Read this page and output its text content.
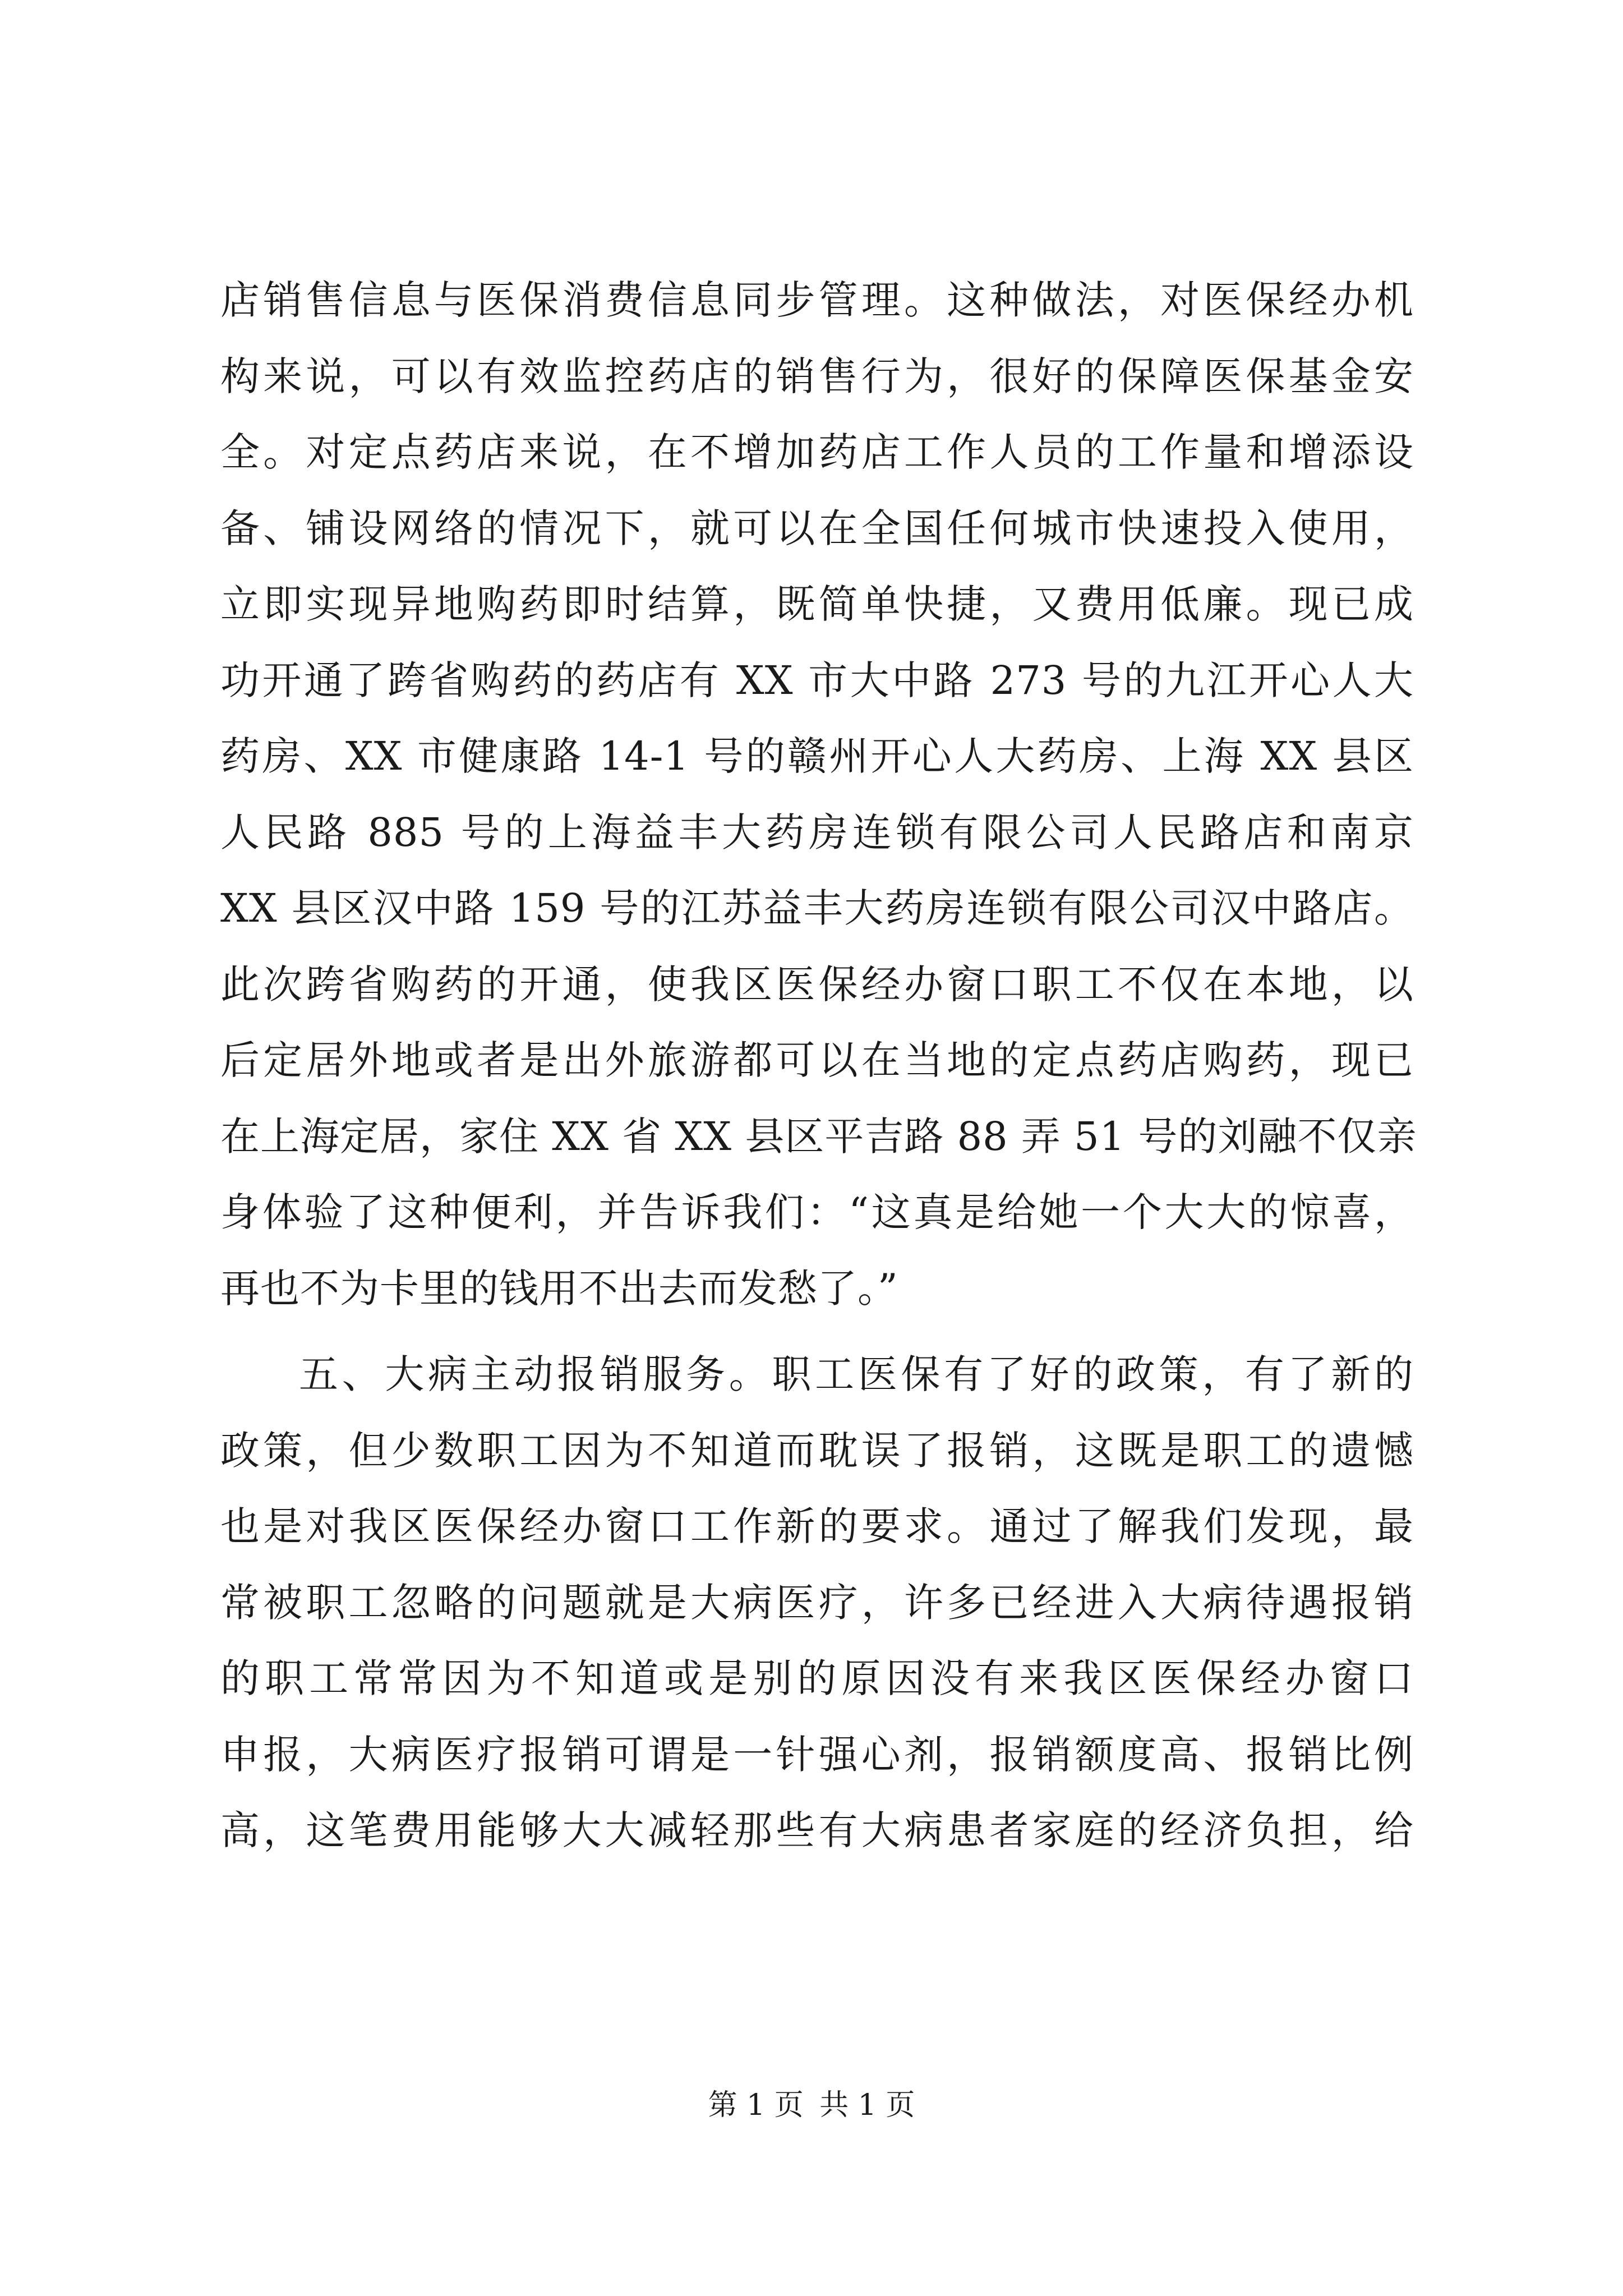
店销售信息与医保消费信息同步管理。这种做法，对医保经办机
构来说，可以有效监控药店的销售行为，很好的保障医保基金安
全。对定点药店来说，在不增加药店工作人员的工作量和增添设
备、铺设网络的情况下，就可以在全国任何城市快速投入使用，
立即实现异地购药即时结算，既简单快捷，又费用低廉。现已成
功开通了跨省购药的药店有 XX 市大中路 273 号的九江开心人大
药房、XX 市健康路 14-1 号的赣州开心人大药房、上海 XX 县区
人民路 885 号的上海益丰大药房连锁有限公司人民路店和南京
XX 县区汉中路 159 号的江苏益丰大药房连锁有限公司汉中路店。
此次跨省购药的开通，使我区医保经办窗口职工不仅在本地，以
后定居外地或者是出外旅游都可以在当地的定点药店购药，现已
在上海定居，家住 XX 省 XX 县区平吉路 88 弄 51 号的刘融不仅亲
身体验了这种便利，并告诉我们：“这真是给她一个大大的惊喜，
再也不为卡里的钱用不出去而发愁了。”
五、大病主动报销服务。职工医保有了好的政策，有了新的
政策，但少数职工因为不知道而耽误了报销，这既是职工的遗憾
也是对我区医保经办窗口工作新的要求。通过了解我们发现，最
常被职工忽略的问题就是大病医疗，许多已经进入大病待遇报销
的职工常常因为不知道或是别的原因没有来我区医保经办窗口
申报，大病医疗报销可谓是一针强心剂，报销额度高、报销比例
高，这笔费用能够大大减轻那些有大病患者家庭的经济负担，给
第 1 页 共 1 页
